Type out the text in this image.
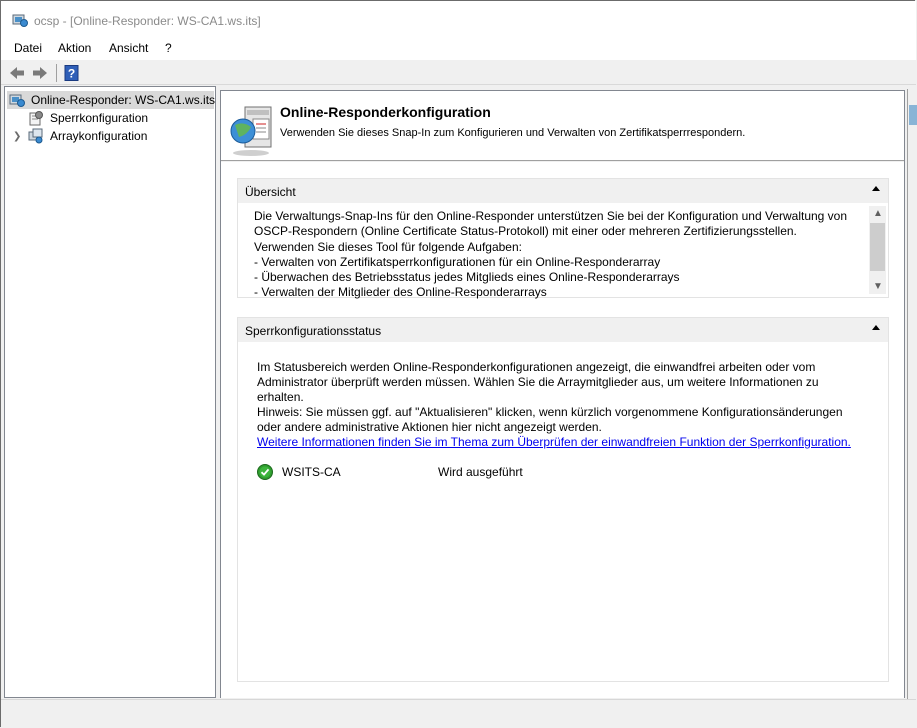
ocsp - [Online-Responder: WS-CA1.ws.its]
Datei Aktion Ansicht ?
?
Online-Responder: WS-CA1.ws.its
Sperrkonfiguration
❯ Arraykonfiguration
Online-Responderkonfiguration
Verwenden Sie dieses Snap-In zum Konfigurieren und Verwalten von Zertifikatsperrrespondern.
Übersicht
Die Verwaltungs-Snap-Ins für den Online-Responder unterstützen Sie bei der Konfiguration und Verwaltung von
OSCP-Respondern (Online Certificate Status-Protokoll) mit einer oder mehreren Zertifizierungsstellen.
Verwenden Sie dieses Tool für folgende Aufgaben:
- Verwalten von Zertifikatsperrkonfigurationen für ein Online-Responderarray
- Überwachen des Betriebsstatus jedes Mitglieds eines Online-Responderarrays
- Verwalten der Mitglieder des Online-Responderarrays
▲
▼
Sperrkonfigurationsstatus
Im Statusbereich werden Online-Responderkonfigurationen angezeigt, die einwandfrei arbeiten oder vom
Administrator überprüft werden müssen. Wählen Sie die Arraymitglieder aus, um weitere Informationen zu
erhalten.
Hinweis: Sie müssen ggf. auf "Aktualisieren" klicken, wenn kürzlich vorgenommene Konfigurationsänderungen
oder andere administrative Aktionen hier nicht angezeigt werden.
Weitere Informationen finden Sie im Thema zum Überprüfen der einwandfreien Funktion der Sperrkonfiguration.
WSITS-CA	Wird ausgeführt
